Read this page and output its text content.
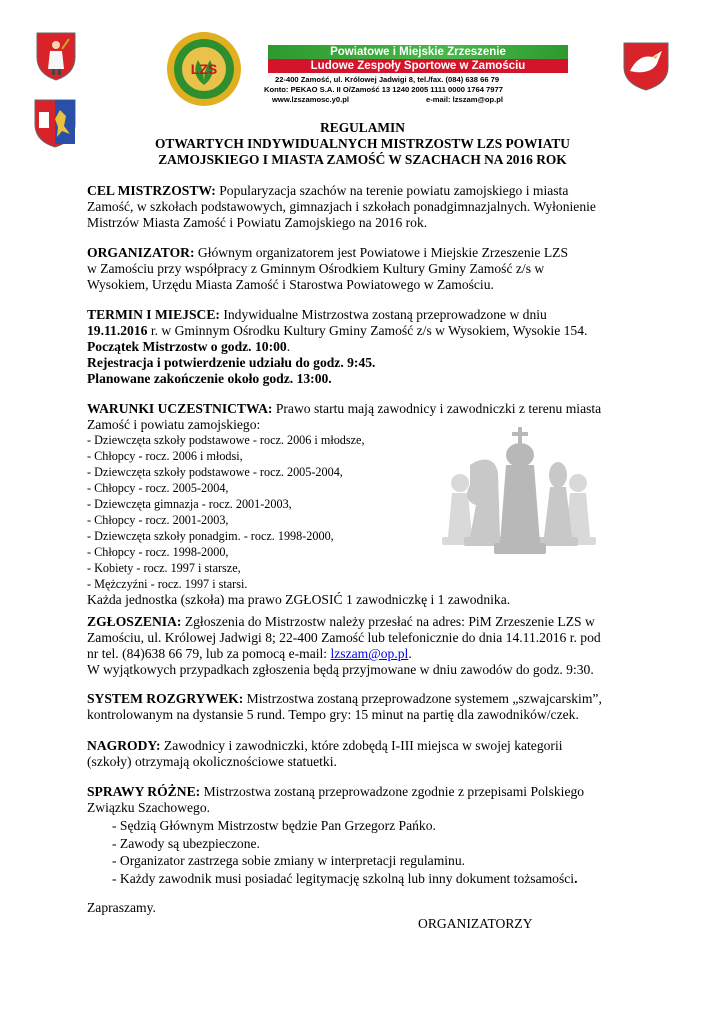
LZS
Powiatowe i Miejskie Zrzeszenie
Ludowe Zespoły Sportowe w Zamościu
22-400 Zamość, ul. Królowej Jadwigi 8, tel./fax. (084) 638 66 79
Konto: PEKAO S.A. II O/Zamość 13 1240 2005 1111 0000 1764 7977
www.lzszamosc.y0.pl	e-mail: lzszam@op.pl
REGULAMIN
OTWARTYCH INDYWIDUALNYCH MISTRZOSTW LZS POWIATU
ZAMOJSKIEGO I MIASTA ZAMOŚĆ W SZACHACH NA 2016 ROK
CEL MISTRZOSTW: Popularyzacja szachów na terenie powiatu zamojskiego i miasta
Zamość, w szkołach podstawowych, gimnazjach i szkołach ponadgimnazjalnych. Wyłonienie
Mistrzów Miasta Zamość i Powiatu Zamojskiego na 2016 rok.
ORGANIZATOR: Głównym organizatorem jest Powiatowe i Miejskie Zrzeszenie LZS
w Zamościu przy współpracy z Gminnym Ośrodkiem Kultury Gminy Zamość z/s w
Wysokiem, Urzędu Miasta Zamość i Starostwa Powiatowego w Zamościu.
TERMIN I MIEJSCE: Indywidualne Mistrzostwa zostaną przeprowadzone w dniu
19.11.2016 r. w Gminnym Ośrodku Kultury Gminy Zamość z/s w Wysokiem, Wysokie 154.
Początek Mistrzostw o godz. 10:00.
Rejestracja i potwierdzenie udziału do godz. 9:45.
Planowane zakończenie około godz. 13:00.
WARUNKI UCZESTNICTWA: Prawo startu mają zawodnicy i zawodniczki z terenu miasta
Zamość i powiatu zamojskiego:
- Dziewczęta szkoły podstawowe - rocz. 2006 i młodsze,
- Chłopcy - rocz. 2006 i młodsi,
- Dziewczęta szkoły podstawowe - rocz. 2005-2004,
- Chłopcy - rocz. 2005-2004,
- Dziewczęta gimnazja - rocz. 2001-2003,
- Chłopcy - rocz. 2001-2003,
- Dziewczęta szkoły ponadgim. - rocz. 1998-2000,
- Chłopcy - rocz. 1998-2000,
- Kobiety - rocz. 1997 i starsze,
- Mężczyźni - rocz. 1997 i starsi.
Każda jednostka (szkoła) ma prawo ZGŁOSIĆ 1 zawodniczkę i 1 zawodnika.
ZGŁOSZENIA: Zgłoszenia do Mistrzostw należy przesłać na adres: PiM Zrzeszenie LZS w
Zamościu, ul. Królowej Jadwigi 8; 22-400 Zamość lub telefonicznie do dnia 14.11.2016 r. pod
nr tel. (84)638 66 79, lub za pomocą e-mail: lzszam@op.pl.
W wyjątkowych przypadkach zgłoszenia będą przyjmowane w dniu zawodów do godz. 9:30.
SYSTEM ROZGRYWEK: Mistrzostwa zostaną przeprowadzone systemem „szwajcarskim”,
kontrolowanym na dystansie 5 rund. Tempo gry: 15 minut na partię dla zawodników/czek.
NAGRODY: Zawodnicy i zawodniczki, które zdobędą I-III miejsca w swojej kategorii
(szkoły) otrzymają okolicznościowe statuetki.
SPRAWY RÓŻNE: Mistrzostwa zostaną przeprowadzone zgodnie z przepisami Polskiego
Związku Szachowego.
- Sędzią Głównym Mistrzostw będzie Pan Grzegorz Pańko.
- Zawody są ubezpieczone.
- Organizator zastrzega sobie zmiany w interpretacji regulaminu.
- Każdy zawodnik musi posiadać legitymację szkolną lub inny dokument tożsamości.
Zapraszamy.
ORGANIZATORZY
